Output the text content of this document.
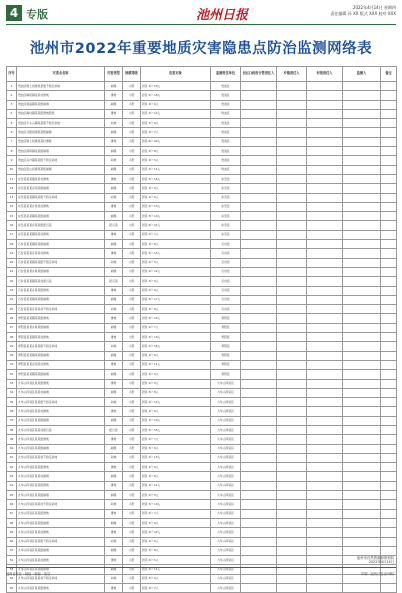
4 专版	池州日报
2022年4月14日 星期四
责任编辑 孙 XX 版式 XXX 校对 XXX
池州市2022年重要地质灾害隐患点防治监测网络表
序号	灾害点名称	灾害类型	规模等级	危害对象	监测责任单位	县(区)政府分管责任人	乡镇责任人	村级责任人	监测人	备注
1	贵池区墩上街道某某组不稳定斜坡	崩塌	小型	居民 3户 10人	贵池区					
2	贵池区梅街镇某某村滑坡	滑坡	小型	居民 5户 18人	贵池区					
3	贵池区棠溪镇某某组崩塌	崩塌	小型	居民 2户 6人	贵池区					
4	贵池区梅村镇某某组滑坡隐患	滑坡	小型	居民 4户 12人	贵池区					
5	贵池区牛头山镇某某组不稳定斜坡	斜坡	小型	居民 3户 9人	贵池区					
6	贵池区马衙街道某某组崩塌	崩塌	小型	居民 2户 7人	贵池区					
7	贵池区墩上街道某某村滑坡	滑坡	小型	居民 6户 20人	贵池区					
8	贵池区涓桥镇某某组崩塌	崩塌	小型	居民 3户 8人	贵池区					
9	贵池区乌沙镇某某组不稳定斜坡	斜坡	小型	居民 2户 5人	贵池区					
10	贵池区里山街道某某组崩塌	崩塌	小型	居民 4户 11人	贵池区					
11	东至县某某镇某某村滑坡	滑坡	小型	居民 5户 16人	东至县					
12	东至县某某乡某某组崩塌	崩塌	小型	居民 3户 9人	东至县					
13	东至县某某镇某某组不稳定斜坡	斜坡	小型	居民 2户 6人	东至县					
14	东至县某某乡某某村滑坡	滑坡	小型	居民 4户 13人	东至县					
15	东至县某某镇某某组崩塌	崩塌	小型	居民 3户 10人	东至县					
16	东至县某某乡某某组泥石流	泥石流	小型	居民 6户 21人	东至县					
17	东至县某某镇某某村滑坡	滑坡	小型	居民 2户 7人	东至县					
18	石台县某某镇某某组崩塌	崩塌	小型	居民 3户 8人	石台县					
19	石台县某某乡某某村滑坡	滑坡	小型	居民 5户 15人	石台县					
20	石台县某某镇某某组不稳定斜坡	斜坡	小型	居民 2户 5人	石台县					
21	石台县某某乡某某组崩塌	崩塌	小型	居民 4户 12人	石台县					
22	石台县某某镇某某村泥石流	泥石流	小型	居民 3户 9人	石台县					
23	石台县某某乡某某组滑坡	滑坡	小型	居民 2户 6人	石台县					
24	石台县某某镇某某组崩塌	崩塌	小型	居民 5户 17人	石台县					
25	石台县某某乡某某村不稳定斜坡	斜坡	小型	居民 3户 8人	石台县					
26	青阳县某某镇某某组滑坡	滑坡	小型	居民 4户 14人	青阳县					
27	青阳县某某乡某某组崩塌	崩塌	小型	居民 2户 7人	青阳县					
28	青阳县某某镇某某村滑坡	滑坡	小型	居民 3户 10人	青阳县					
29	青阳县某某乡某某组不稳定斜坡	斜坡	小型	居民 5户 16人	青阳县					
30	青阳县某某镇某某组崩塌	崩塌	小型	居民 2户 6人	青阳县					
31	青阳县某某乡某某村滑坡	滑坡	小型	居民 4户 11人	青阳县					
32	青阳县某某镇某某组崩塌	崩塌	小型	居民 3户 9人	青阳县					
33	九华山风景区某某组滑坡	滑坡	小型	居民 2户 5人	九华山风景区					
34	九华山风景区某某村崩塌	崩塌	小型	居民 3户 8人	九华山风景区					
35	九华山风景区某某组不稳定斜坡	斜坡	小型	居民 4户 12人	九华山风景区					
36	九华山风景区某某村滑坡	滑坡	小型	居民 2户 6人	九华山风景区					
37	九华山风景区某某组崩塌	崩塌	小型	居民 3户 10人	九华山风景区					
38	九华山风景区某某村泥石流	泥石流	小型	居民 5户 15人	九华山风景区					
39	九华山风景区某某组滑坡	滑坡	小型	居民 2户 7人	九华山风景区					
40	九华山风景区某某组崩塌	崩塌	小型	居民 3户 9人	九华山风景区					
41	九华山风景区某某村不稳定斜坡	斜坡	小型	居民 4户 13人	九华山风景区					
42	九华山风景区某某组滑坡	滑坡	小型	居民 2户 6人	九华山风景区					
43	九华山风景区某某村崩塌	崩塌	小型	居民 3户 8人	九华山风景区					
44	九华山风景区某某组滑坡	滑坡	小型	居民 4户 11人	九华山风景区					
45	九华山风景区某某组崩塌	崩塌	小型	居民 2户 5人	九华山风景区					
46	九华山风景区某某村不稳定斜坡	斜坡	小型	居民 3户 10人	九华山风景区					
47	九华山风景区某某组滑坡	滑坡	小型	居民 2户 7人	九华山风景区					
48	九华山风景区某某组崩塌	崩塌	小型	居民 3户 9人	九华山风景区					
49	九华山风景区某某村滑坡	滑坡	小型	居民 4户 12人	九华山风景区					
50	九华山风景区某某组不稳定斜坡	斜坡	小型	居民 2户 6人	九华山风景区					
51	九华山风景区某某组崩塌	崩塌	小型	居民 3户 8人	九华山风景区					
52	九华山风景区某某村滑坡	滑坡	小型	居民 2户 5人	九华山风景区					
53	九华山风景区某某组崩塌	崩塌	小型	居民 4户 11人	九华山风景区					
54	九华山风景区某某村不稳定斜坡	斜坡	小型	居民 3户 9人	九华山风景区					
55	九华山风景区某某组滑坡	滑坡	小型	居民 2户 7人	九华山风景区					
池州市自然资源和规划局
2022年4月14日
池州日报社 · 地址 · 邮编 · 电话	印刷 · 池州日报社印刷厂
